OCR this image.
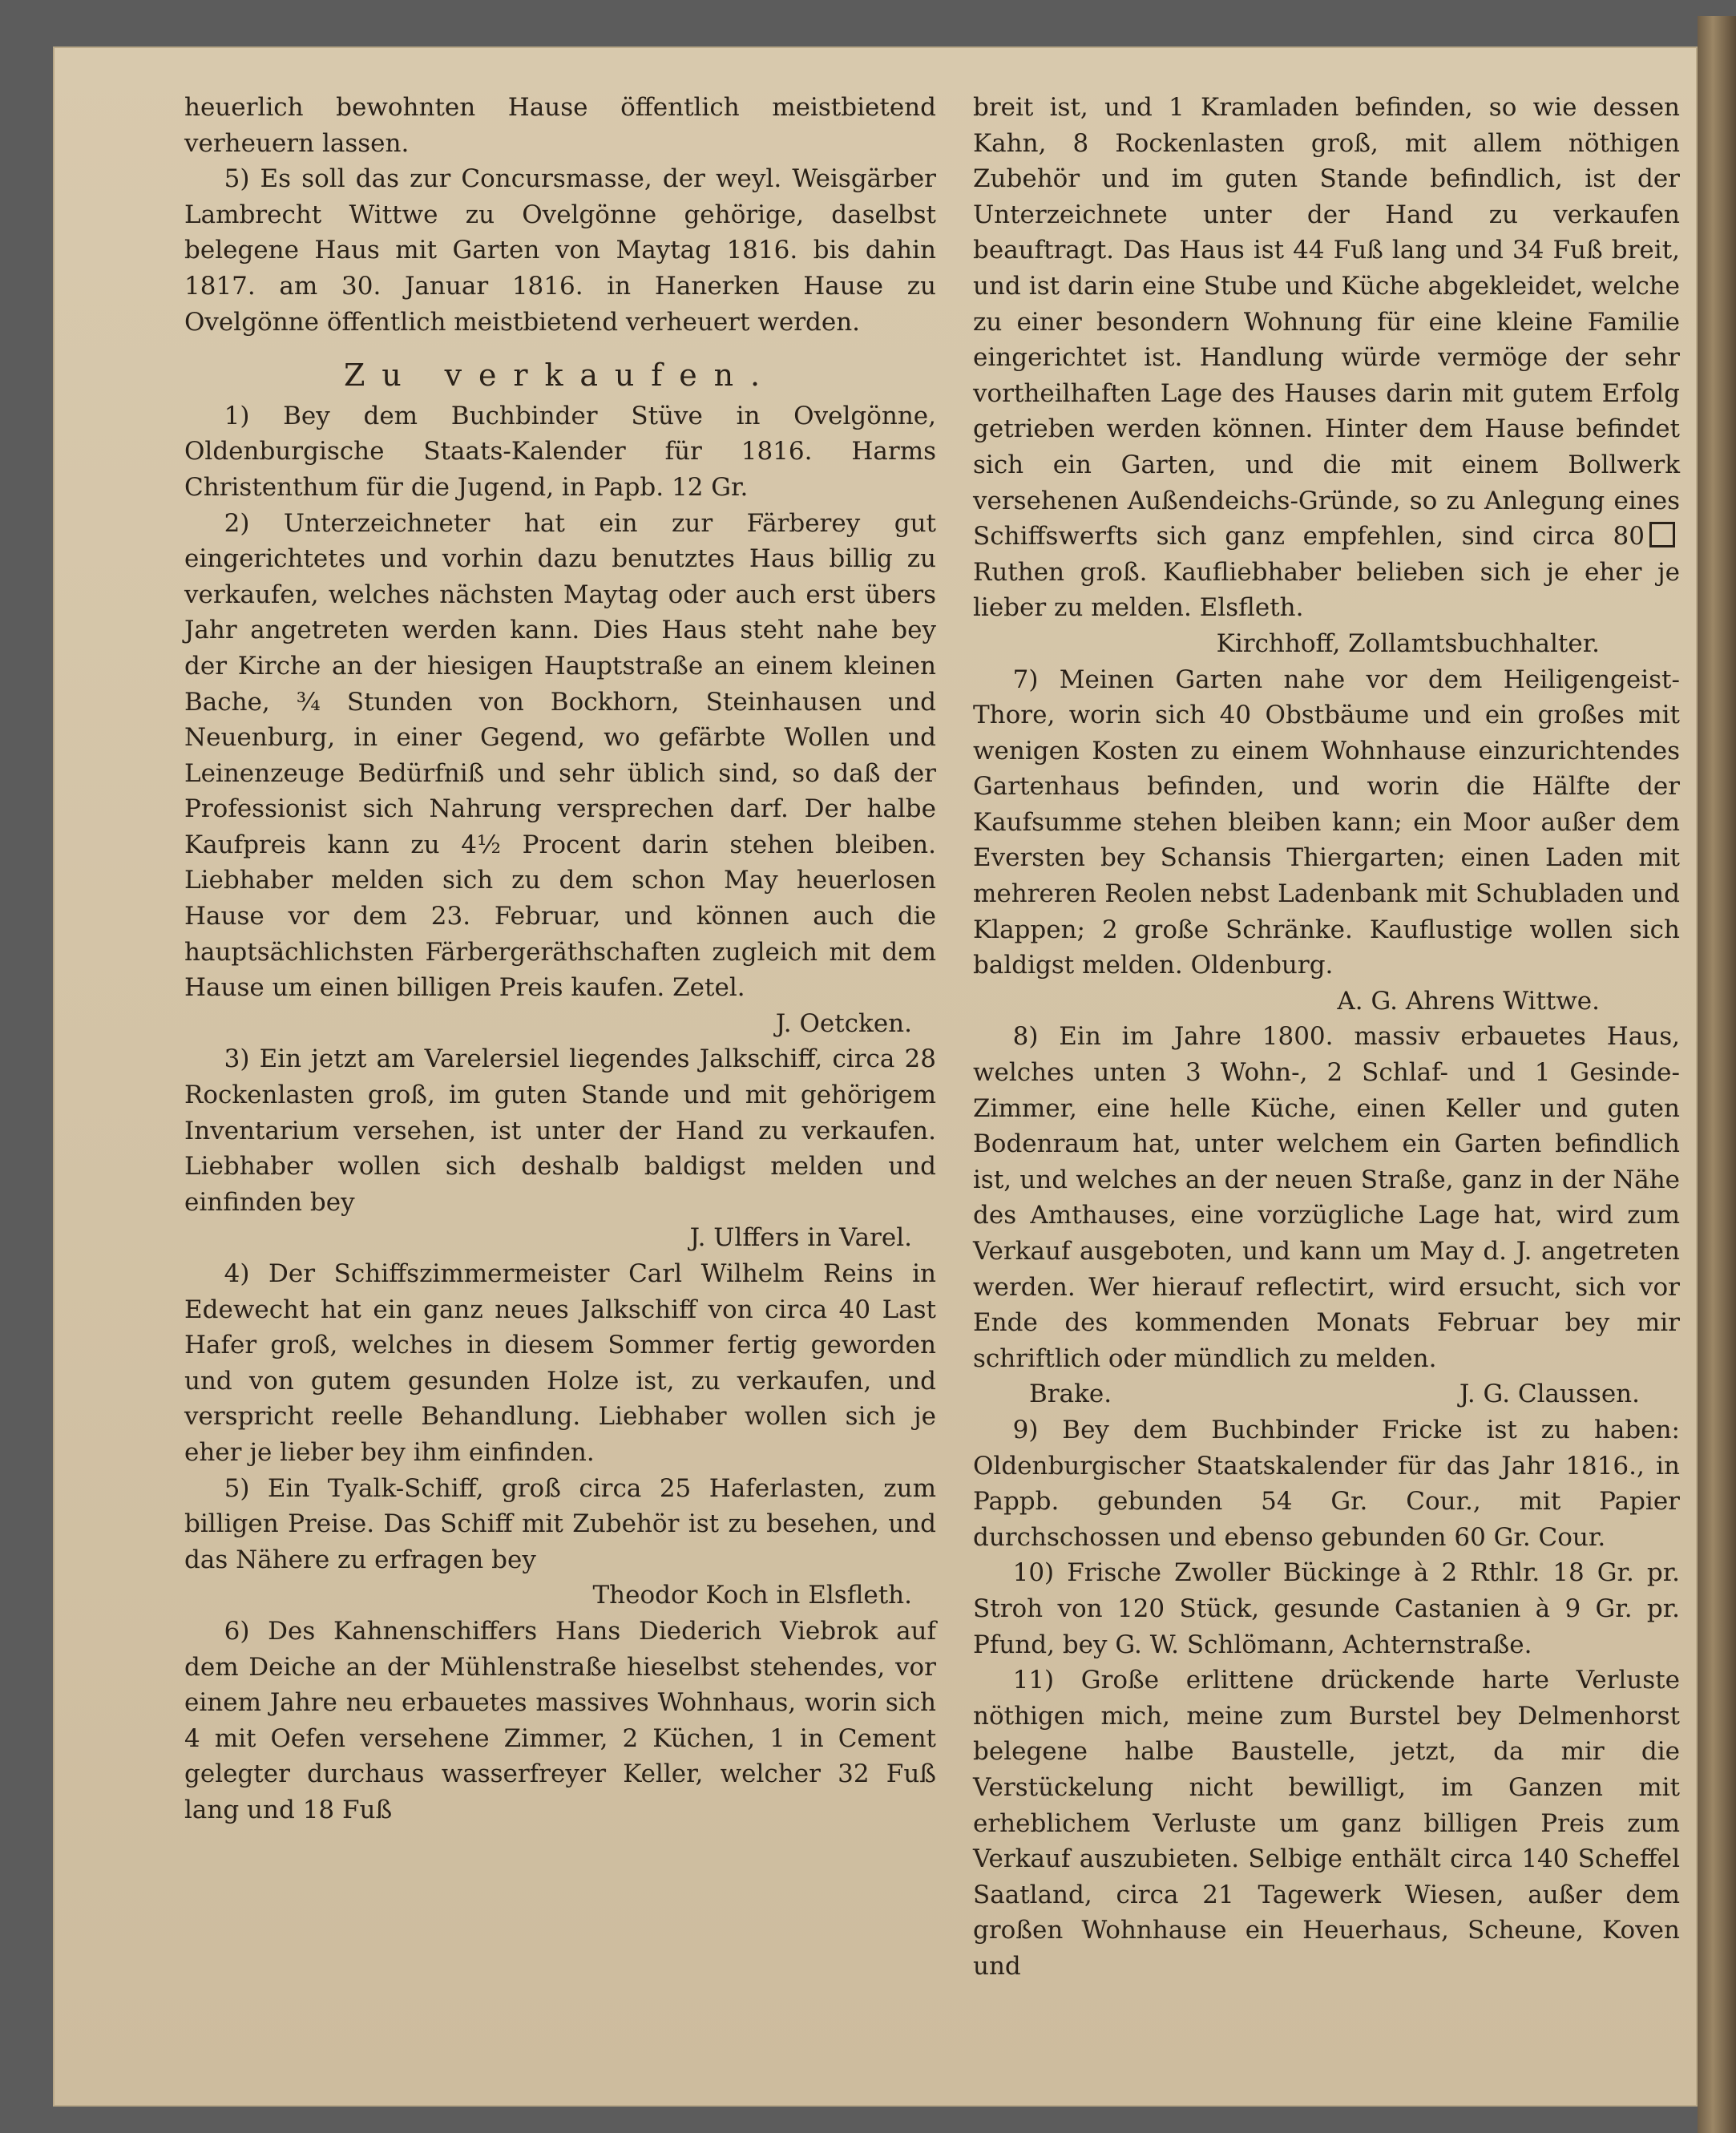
heuerlich bewohnten Hause öffentlich meistbietend verheuern lassen.

5) Es soll das zur Concursmasse, der weyl. Weisgärber Lambrecht Wittwe zu Ovelgönne gehörige, daselbst belegene Haus mit Garten von Maytag 1816. bis dahin 1817. am 30. Januar 1816. in Hanerken Hause zu Ovelgönne öffentlich meistbietend verheuert werden.

Zu verkaufen.

1) Bey dem Buchbinder Stüve in Ovelgönne, Oldenburgische Staats-Kalender für 1816. Harms Christenthum für die Jugend, in Papb. 12 Gr.

2) Unterzeichneter hat ein zur Färberey gut eingerichtetes und vorhin dazu benutztes Haus billig zu verkaufen, welches nächsten Maytag oder auch erst übers Jahr angetreten werden kann. Dies Haus steht nahe bey der Kirche an der hiesigen Hauptstraße an einem kleinen Bache, ¾ Stunden von Bockhorn, Steinhausen und Neuenburg, in einer Gegend, wo gefärbte Wollen und Leinenzeuge Bedürfniß und sehr üblich sind, so daß der Professionist sich Nahrung versprechen darf. Der halbe Kaufpreis kann zu 4½ Procent darin stehen bleiben. Liebhaber melden sich zu dem schon May heuerlosen Hause vor dem 23. Februar, und können auch die hauptsächlichsten Färbergeräthschaften zugleich mit dem Hause um einen billigen Preis kaufen. Zetel.

J. Oetcken.

3) Ein jetzt am Varelersiel liegendes Jalkschiff, circa 28 Rockenlasten groß, im guten Stande und mit gehörigem Inventarium versehen, ist unter der Hand zu verkaufen. Liebhaber wollen sich deshalb baldigst melden und einfinden bey

J. Ulffers in Varel.

4) Der Schiffszimmermeister Carl Wilhelm Reins in Edewecht hat ein ganz neues Jalkschiff von circa 40 Last Hafer groß, welches in diesem Sommer fertig geworden und von gutem gesunden Holze ist, zu verkaufen, und verspricht reelle Behandlung. Liebhaber wollen sich je eher je lieber bey ihm einfinden.

5) Ein Tyalk-Schiff, groß circa 25 Haferlasten, zum billigen Preise. Das Schiff mit Zubehör ist zu besehen, und das Nähere zu erfragen bey

Theodor Koch in Elsfleth.

6) Des Kahnenschiffers Hans Diederich Viebrok auf dem Deiche an der Mühlenstraße hieselbst stehendes, vor einem Jahre neu erbauetes massives Wohnhaus, worin sich 4 mit Oefen versehene Zimmer, 2 Küchen, 1 in Cement gelegter durchaus wasserfreyer Keller, welcher 32 Fuß lang und 18 Fuß

breit ist, und 1 Kramladen befinden, so wie dessen Kahn, 8 Rockenlasten groß, mit allem nöthigen Zubehör und im guten Stande befindlich, ist der Unterzeichnete unter der Hand zu verkaufen beauftragt. Das Haus ist 44 Fuß lang und 34 Fuß breit, und ist darin eine Stube und Küche abgekleidet, welche zu einer besondern Wohnung für eine kleine Familie eingerichtet ist. Handlung würde vermöge der sehr vortheilhaften Lage des Hauses darin mit gutem Erfolg getrieben werden können. Hinter dem Hause befindet sich ein Garten, und die mit einem Bollwerk versehenen Außendeichs-Gründe, so zu Anlegung eines Schiffswerfts sich ganz empfehlen, sind circa 80Ruthen groß. Kaufliebhaber belieben sich je eher je lieber zu melden. Elsfleth.

Kirchhoff, Zollamtsbuchhalter.

7) Meinen Garten nahe vor dem Heiligengeist-Thore, worin sich 40 Obstbäume und ein großes mit wenigen Kosten zu einem Wohnhause einzurichtendes Gartenhaus befinden, und worin die Hälfte der Kaufsumme stehen bleiben kann; ein Moor außer dem Eversten bey Schansis Thiergarten; einen Laden mit mehreren Reolen nebst Ladenbank mit Schubladen und Klappen; 2 große Schränke. Kauflustige wollen sich baldigst melden. Oldenburg.

A. G. Ahrens Wittwe.

8) Ein im Jahre 1800. massiv erbauetes Haus, welches unten 3 Wohn-, 2 Schlaf- und 1 Gesinde-Zimmer, eine helle Küche, einen Keller und guten Bodenraum hat, unter welchem ein Garten befindlich ist, und welches an der neuen Straße, ganz in der Nähe des Amthauses, eine vorzügliche Lage hat, wird zum Verkauf ausgeboten, und kann um May d. J. angetreten werden. Wer hierauf reflectirt, wird ersucht, sich vor Ende des kommenden Monats Februar bey mir schriftlich oder mündlich zu melden.

Brake.	J. G. Claussen.

9) Bey dem Buchbinder Fricke ist zu haben: Oldenburgischer Staatskalender für das Jahr 1816., in Pappb. gebunden 54 Gr. Cour., mit Papier durchschossen und ebenso gebunden 60 Gr. Cour.

10) Frische Zwoller Bückinge à 2 Rthlr. 18 Gr. pr. Stroh von 120 Stück, gesunde Castanien à 9 Gr. pr. Pfund, bey G. W. Schlömann, Achternstraße.

11) Große erlittene drückende harte Verluste nöthigen mich, meine zum Burstel bey Delmenhorst belegene halbe Baustelle, jetzt, da mir die Verstückelung nicht bewilligt, im Ganzen mit erheblichem Verluste um ganz billigen Preis zum Verkauf auszubieten. Selbige enthält circa 140 Scheffel Saatland, circa 21 Tagewerk Wiesen, außer dem großen Wohnhause ein Heuerhaus, Scheune, Koven und
